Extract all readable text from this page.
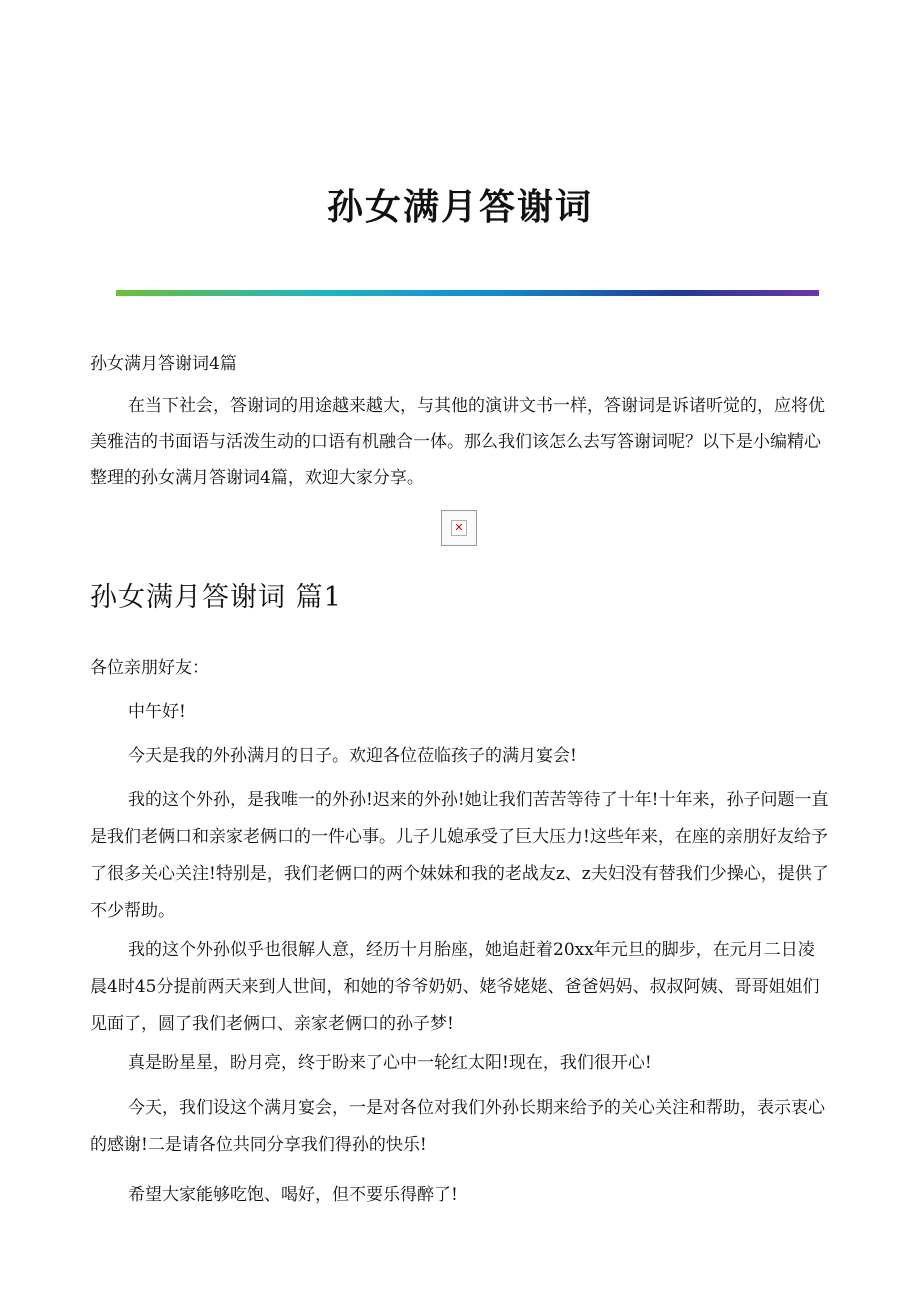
孙女满月答谢词

孙女满月答谢词4篇

在当下社会，答谢词的用途越来越大，与其他的演讲文书一样，答谢词是诉诸听觉的，应将优美雅洁的书面语与活泼生动的口语有机融合一体。那么我们该怎么去写答谢词呢？以下是小编精心整理的孙女满月答谢词4篇，欢迎大家分享。

✕
孙女满月答谢词 篇1

各位亲朋好友：

中午好!

今天是我的外孙满月的日子。欢迎各位莅临孩子的满月宴会!

我的这个外孙，是我唯一的外孙!迟来的外孙!她让我们苦苦等待了十年!十年来，孙子问题一直是我们老俩口和亲家老俩口的一件心事。儿子儿媳承受了巨大压力!这些年来，在座的亲朋好友给予了很多关心关注!特别是，我们老俩口的两个妹妹和我的老战友z、z夫妇没有替我们少操心，提供了不少帮助。

我的这个外孙似乎也很解人意，经历十月胎座，她追赶着20xx年元旦的脚步，在元月二日凌晨4时45分提前两天来到人世间，和她的爷爷奶奶、姥爷姥姥、爸爸妈妈、叔叔阿姨、哥哥姐姐们见面了，圆了我们老俩口、亲家老俩口的孙子梦!

真是盼星星，盼月亮，终于盼来了心中一轮红太阳!现在，我们很开心!

今天，我们设这个满月宴会，一是对各位对我们外孙长期来给予的关心关注和帮助，表示衷心的感谢!二是请各位共同分享我们得孙的快乐!

希望大家能够吃饱、喝好，但不要乐得醉了!
